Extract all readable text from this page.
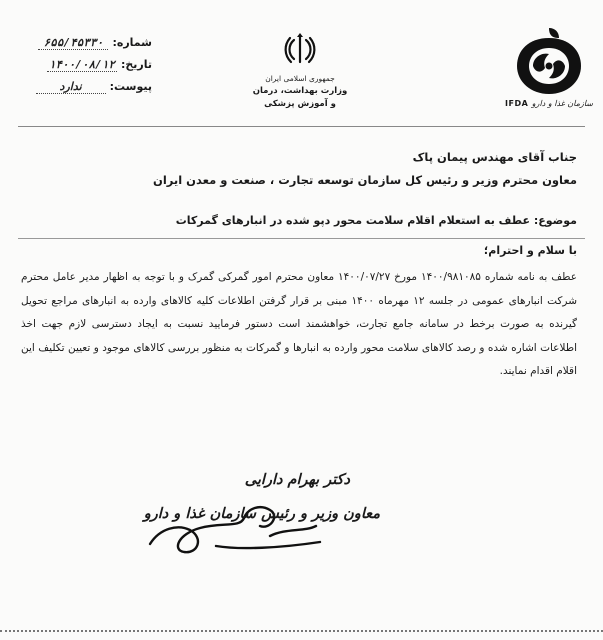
شماره:
۶۵۵/۴۵۳۳۰
تاریخ:
۱۴۰۰/۰۸/۱۲
پیوست:
ندارد
جمهوری اسلامی ایران
وزارت بهداشت، درمان
و آموزش پزشکی	IFDA سازمان غذا و دارو
جناب آقای مهندس پیمان پاک
معاون محترم وزیر و رئیس کل سازمان توسعه تجارت ، صنعت و معدن ایران
موضوع: عطف به استعلام اقلام سلامت محور دپو شده در انبارهای گمرکات
با سلام و احترام؛
عطف به نامه شماره ۱۴۰۰/۹۸۱۰۸۵ مورخ ۱۴۰۰/۰۷/۲۷ معاون محترم امور گمرکی گمرک و با توجه به اظهار مدیر عامل محترم شرکت انبارهای عمومی در جلسه ۱۲ مهرماه ۱۴۰۰ مبنی بر قرار گرفتن اطلاعات کلیه کالاهای وارده به انبارهای مراجع تحویل گیرنده به صورت برخط در سامانه جامع تجارت، خواهشمند است دستور فرمایید نسبت به ایجاد دسترسی لازم جهت اخذ اطلاعات اشاره شده و رصد کالاهای سلامت محور وارده به انبارها و گمرکات به منظور بررسی کالاهای موجود و تعیین تکلیف این اقلام اقدام نمایند.
دکتر بهرام دارایی
معاون وزیر و رئیس سازمان غذا و دارو
